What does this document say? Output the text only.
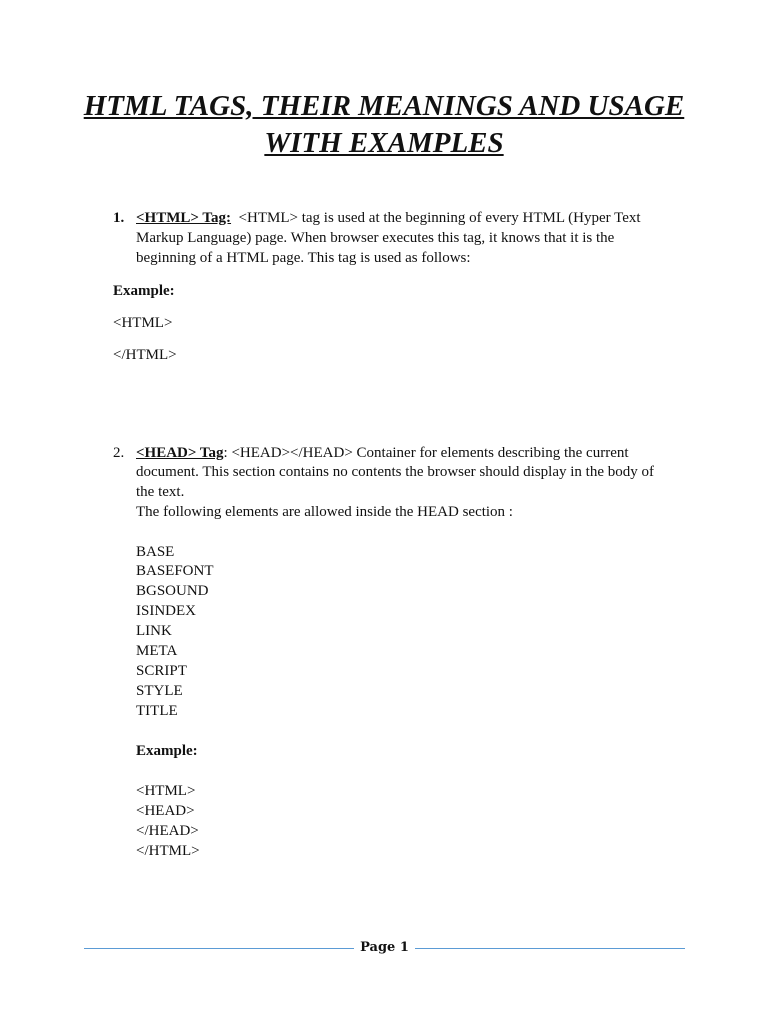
HTML TAGS, THEIR MEANINGS AND USAGE
WITH EXAMPLES

1. <HTML> Tag: <HTML> tag is used at the beginning of every HTML (Hyper Text

Markup Language) page. When browser executes this tag, it knows that it is the

beginning of a HTML page. This tag is used as follows:

Example:

<HTML>

</HTML>

2. <HEAD> Tag: <HEAD></HEAD> Container for elements describing the current

document. This section contains no contents the browser should display in the body of

the text.

The following elements are allowed inside the HEAD section :

BASE

BASEFONT

BGSOUND

ISINDEX

LINK

META

SCRIPT

STYLE

TITLE

Example:

<HTML>

<HEAD>

</HEAD>

</HTML>

Page 1
